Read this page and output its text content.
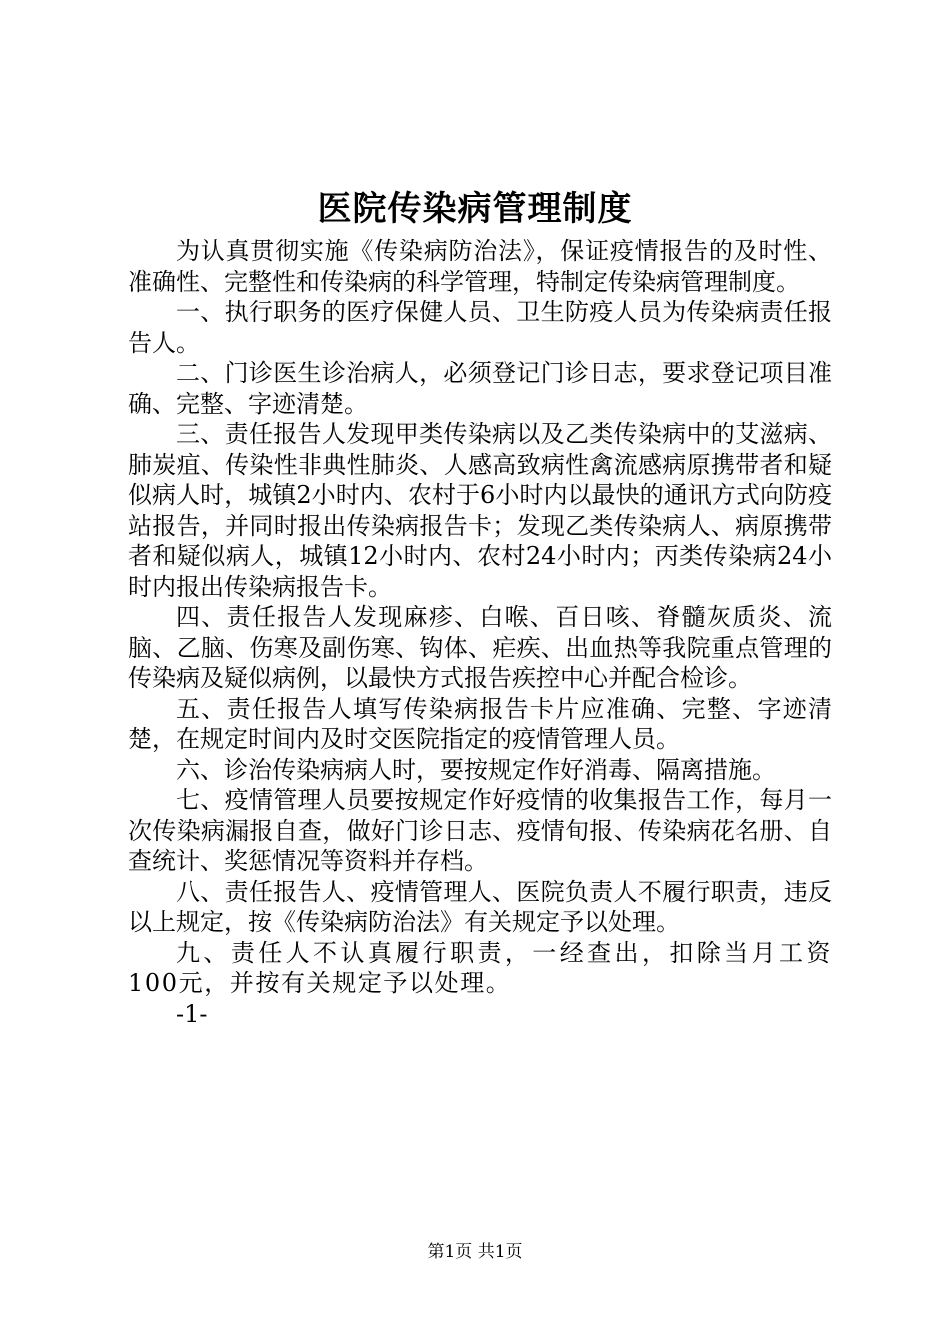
医院传染病管理制度

为认真贯彻实施《传染病防治法》，保证疫情报告的及时性、准确性、完整性和传染病的科学管理，特制定传染病管理制度。

一、执行职务的医疗保健人员、卫生防疫人员为传染病责任报告人。

二、门诊医生诊治病人，必须登记门诊日志，要求登记项目准确、完整、字迹清楚。

三、责任报告人发现甲类传染病以及乙类传染病中的艾滋病、肺炭疽、传染性非典性肺炎、人感高致病性禽流感病原携带者和疑似病人时，城镇2小时内、农村于6小时内以最快的通讯方式向防疫站报告，并同时报出传染病报告卡；发现乙类传染病人、病原携带者和疑似病人，城镇12小时内、农村24小时内；丙类传染病24小时内报出传染病报告卡。

四、责任报告人发现麻疹、白喉、百日咳、脊髓灰质炎、流脑、乙脑、伤寒及副伤寒、钩体、疟疾、出血热等我院重点管理的传染病及疑似病例，以最快方式报告疾控中心并配合检诊。

五、责任报告人填写传染病报告卡片应准确、完整、字迹清楚，在规定时间内及时交医院指定的疫情管理人员。

六、诊治传染病病人时，要按规定作好消毒、隔离措施。

七、疫情管理人员要按规定作好疫情的收集报告工作，每月一次传染病漏报自查，做好门诊日志、疫情旬报、传染病花名册、自查统计、奖惩情况等资料并存档。

八、责任报告人、疫情管理人、医院负责人不履行职责，违反以上规定，按《传染病防治法》有关规定予以处理。

九、责任人不认真履行职责，一经查出，扣除当月工资100元，并按有关规定予以处理。

-1-

第1页 共1页
